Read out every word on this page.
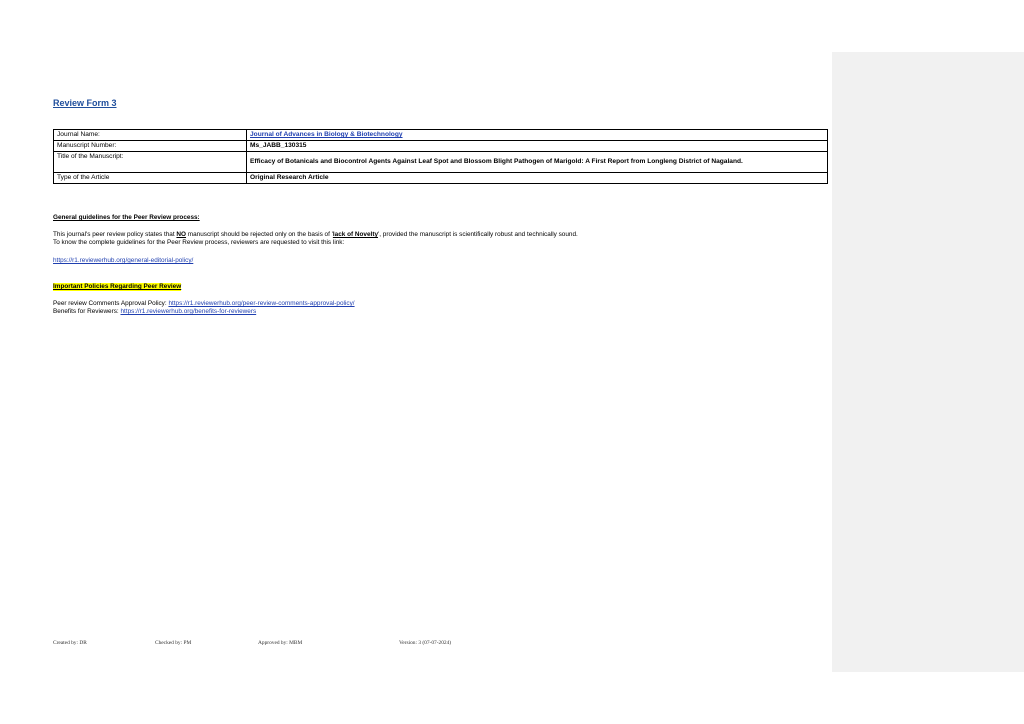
Review Form 3
Journal Name:	Journal of Advances in Biology & Biotechnology
Manuscript Number:	Ms_JABB_130315
Title of the Manuscript:	Efficacy of Botanicals and Biocontrol Agents Against Leaf Spot and Blossom Blight Pathogen of Marigold: A First Report from Longleng District of Nagaland.
Type of the Article	Original Research Article
General guidelines for the Peer Review process:
This journal's peer review policy states that NO manuscript should be rejected only on the basis of 'lack of Novelty', provided the manuscript is scientifically robust and technically sound.
To know the complete guidelines for the Peer Review process, reviewers are requested to visit this link:
https://r1.reviewerhub.org/general-editorial-policy/
Important Policies Regarding Peer Review
Peer review Comments Approval Policy: https://r1.reviewerhub.org/peer-review-comments-approval-policy/
Benefits for Reviewers: https://r1.reviewerhub.org/benefits-for-reviewers
Created by: DR	Checked by: PM	Approved by: MBM	Version: 3 (07-07-2024)
